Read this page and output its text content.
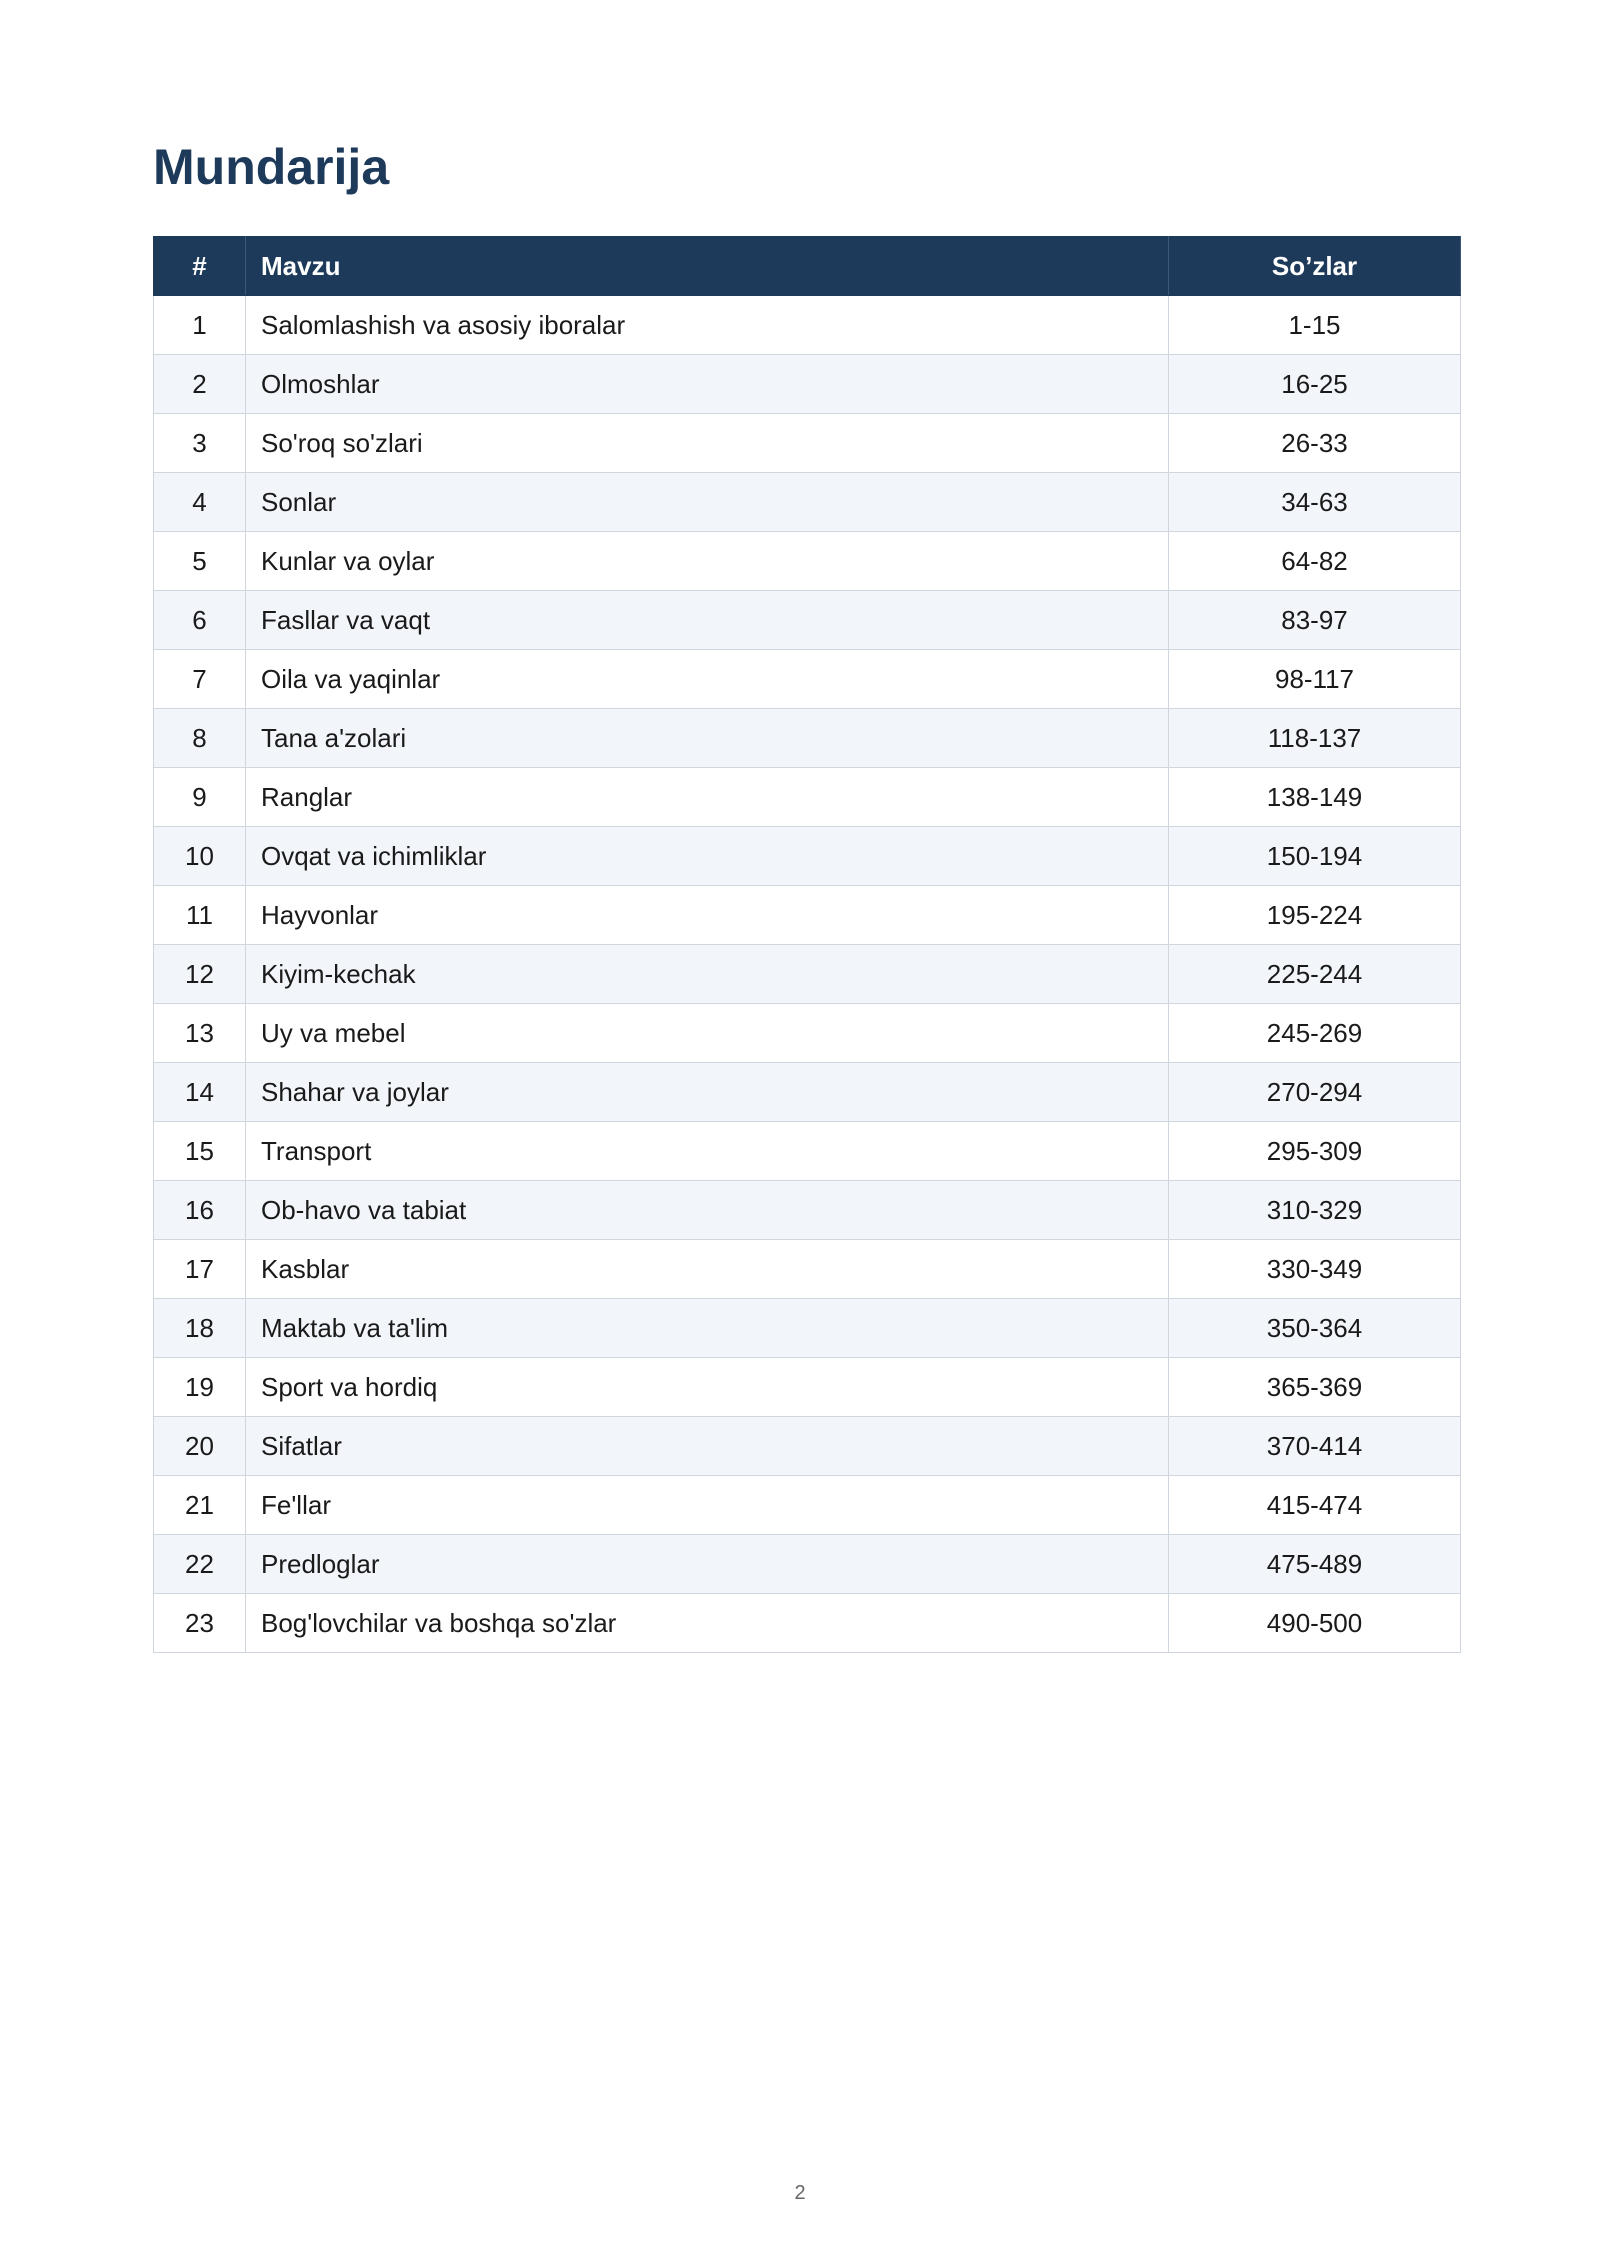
Mundarija
#	Mavzu	So’zlar
1	Salomlashish va asosiy iboralar	1-15
2	Olmoshlar	16-25
3	So'roq so'zlari	26-33
4	Sonlar	34-63
5	Kunlar va oylar	64-82
6	Fasllar va vaqt	83-97
7	Oila va yaqinlar	98-117
8	Tana a'zolari	118-137
9	Ranglar	138-149
10	Ovqat va ichimliklar	150-194
11	Hayvonlar	195-224
12	Kiyim-kechak	225-244
13	Uy va mebel	245-269
14	Shahar va joylar	270-294
15	Transport	295-309
16	Ob-havo va tabiat	310-329
17	Kasblar	330-349
18	Maktab va ta'lim	350-364
19	Sport va hordiq	365-369
20	Sifatlar	370-414
21	Fe'llar	415-474
22	Predloglar	475-489
23	Bog'lovchilar va boshqa so'zlar	490-500
2
